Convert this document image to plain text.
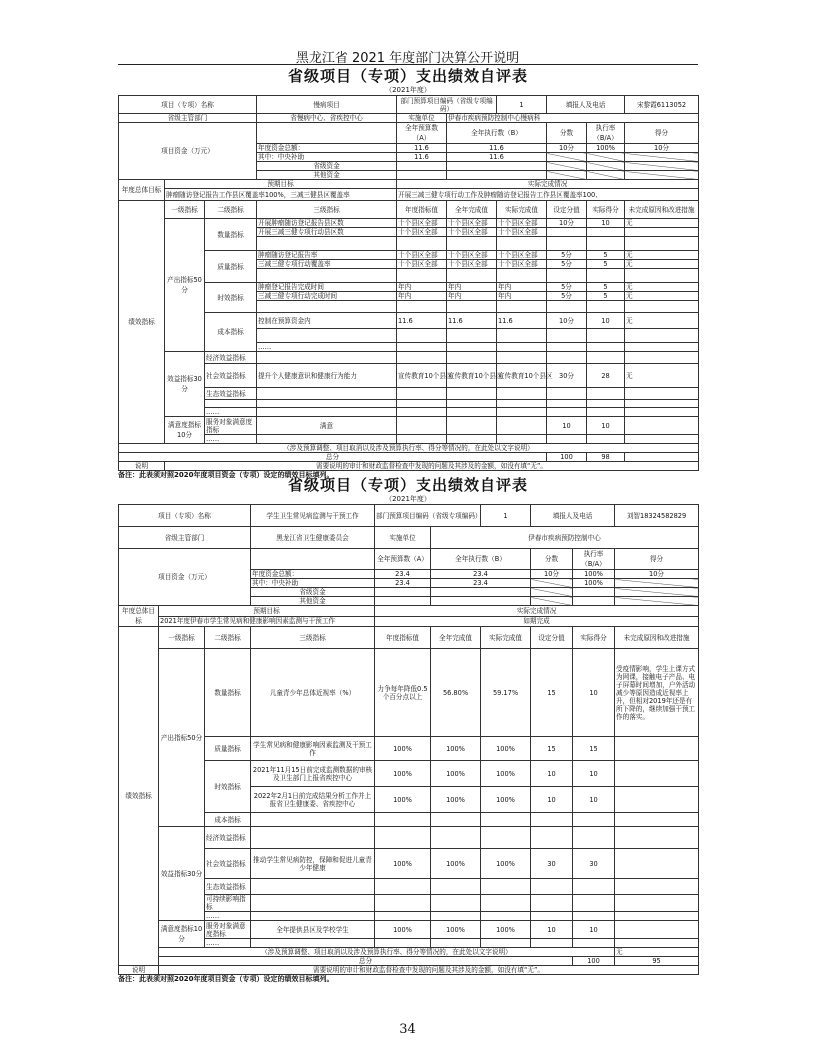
黑龙江省 2021 年度部门决算公开说明
省级项目（专项）支出绩效自评表
（2021年度）
项目（专项）名称			慢病项目	部门预算项目编码（省级专项编码）		1	填报人及电话		宋黎霞6113052
省级主管部门			省慢病中心、省疾控中心	实施单位	伊春市疾病预防控制中心慢病科				
项目资金（万元）				全年预算数（A）	全年执行数（B）		分数	执行率（B/A）	得分
			年度资金总额：	11.6	11.6		10分	100%	10分
			其中：中央补助	11.6	11.6				
			省级资金						
			其他资金						
年度总体目标	预期目标			实际完成情况					
	肿瘤随访登记报告工作县区覆盖率100%，三减三健县区覆盖率			开展三减三健专项行动工作及肿瘤随访登记报告工作县区覆盖率100、					
绩效指标	一级指标	二级指标	三级指标	年度指标值	全年完成值	实际完成值	设定分值	实际得分	未完成原因和改进措施
	产出指标50分	数量指标	开展肿瘤随访登记报告县区数	十个县区全部	十个县区全部	十个县区全部	10分	10	无
			开展三减三健专项行动县区数	十个县区全部	十个县区全部	十个县区全部			

		质量指标	肿瘤随访登记报告率	十个县区全部	十个县区全部	十个县区全部	5分	5	无
			三减三健专项行动覆盖率	十个县区全部	十个县区全部	十个县区全部	5分	5	无

		时效指标	肿瘤登记报告完成时间	年内	年内	年内	5分	5	无
			三减三健专项行动完成时间	年内	年内	年内	5分	5	无

		成本指标	控制在预算资金内	11.6	11.6	11.6	10分	10	无

			……						
	效益指标30分	经济效益指标							
		社会效益指标	提升个人健康意识和健康行为能力	宣传教育10个县区	宣传教育10个县区	宣传教育10个县区	30分	28	无
		生态效益指标							

		……							
	满意度指标10分	服务对象满意度指标	满意				10	10	
		……							
（涉及预算调整、项目取消以及涉及预算执行率、得分等情况的，在此处以文字说明）									
总分							100	98	
说明	需要说明的审计和财政监督检查中发现的问题及其涉及的金额，如没有填“无”。								
备注：此表须对照2020年度项目资金（专项）设定的绩效目标填列。
省级项目（专项）支出绩效自评表
（2021年度）
项目（专项）名称			学生卫生常见病监测与干预工作	部门预算项目编码（省级专项编码）		1	填报人及电话		刘智18324582829	
省级主管部门			黑龙江省卫生健康委员会	实施单位	伊春市疾病预防控制中心					
项目资金（万元）				全年预算数（A）	全年执行数（B）		分数	执行率（B/A）	得分	
			年度资金总额：	23.4	23.4		10分	100%	10分	
			其中：中央补助	23.4	23.4			100%		
			省级资金							
			其他资金							
年度总体目标	预期目标			实际完成情况						
	2021年度伊春市学生常见病和健康影响因素监测与干预工作			如期完成						
绩效指标	一级指标	二级指标	三级指标	年度指标值	全年完成值	实际完成值	设定分值	实际得分	未完成原因和改进措施	
	产出指标50分	数量指标	儿童青少年总体近视率（%）	力争每年降低0.5个百分点以上	56.80%	59.17%	15	10	受疫情影响，学生上课方式为网课，接触电子产品、电子屏幕时间增加，户外活动减少等原因造成近视率上升，但相对2019年还是有所下降的，继续加强干预工作的落实。	
		质量指标	学生常见病和健康影响因素监测及干预工作	100%	100%	100%	15	15		
		时效指标	2021年11月15日前完成监测数据的审核及卫生部门上报省疾控中心	100%	100%	100%	10	10		
			2022年2月1日前完成结果分析工作并上报省卫生健康委、省疾控中心	100%	100%	100%	10	10		
		成本指标								
	效益指标30分	经济效益指标								
		社会效益指标	推动学生常见病防控，保障和促进儿童青少年健康	100%	100%	100%	30	30		
		生态效益指标								
		可持续影响指标								
		……								
	满意度指标10分	服务对象满意度指标	全年提供县区及学校学生	100%	100%	100%	10	10		
		……								
	（涉及预算调整、项目取消以及涉及预算执行率、得分等情况的，在此处以文字说明）								无	
	总分							100	95	
说明	需要说明的审计和财政监督检查中发现的问题及其涉及的金额，如没有填“无”。									
备注：此表须对照2020年度项目资金（专项）设定的绩效目标填列。
34
